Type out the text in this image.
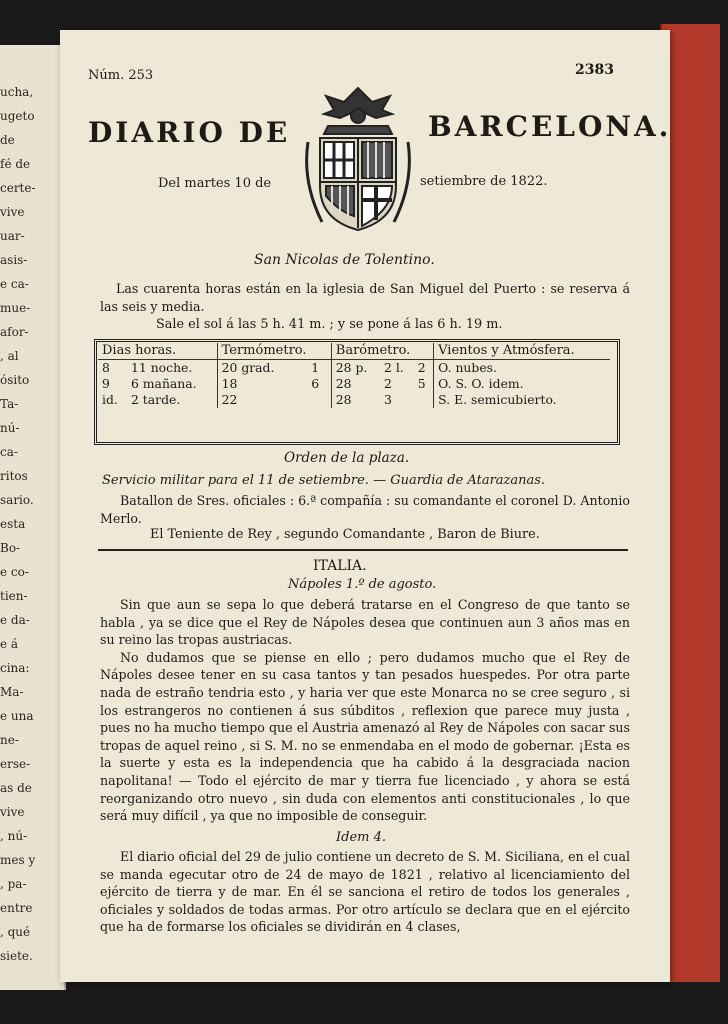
ucha,
ugeto
de
fé de
certe-
vive
uar-
asis-
e ca-
mue-
afor-
, al
ósito
Ta-
nú-
ca-
ritos
sario.
esta
Bo-
e co-
tien-
e da-
e á
cina:
Ma-
e una
ne-
erse-
as de
vive
, nú-
mes y
, pa-
entre
, qué
siete.
Núm. 253	2383
DIARIO DE	BARCELONA.
Del martes 10 de	setiembre de 1822.
San Nicolas de Tolentino.

Las cuarenta horas están en la iglesia de San Miguel del Puerto : se reserva á las seis y media.

Sale el sol á las 5 h. 41 m. ; y se pone á las 6 h. 19 m.
Dias horas.		Termómetro.		Barómetro.			Vientos y Atmósfera.
8	11 noche.	20 grad.	1	28 p.	2 l.	2	O. nubes.
9	6 mañana.	18	6	28	2	5	O. S. O. idem.
id.	2 tarde.	22		28	3		S. E. semicubierto.
Orden de la plaza.
Servicio militar para el 11 de setiembre. — Guardia de Atarazanas.

Batallon de Sres. oficiales : 6.ª compañía : su comandante el coronel D. Antonio Merlo.

El Teniente de Rey , segundo Comandante , Baron de Biure.
ITALIA.
Nápoles 1.º de agosto.

Sin que aun se sepa lo que deberá tratarse en el Congreso de que tanto se habla , ya se dice que el Rey de Nápoles desea que continuen aun 3 años mas en su reino las tropas austriacas.

No dudamos que se piense en ello ; pero dudamos mucho que el Rey de Nápoles desee tener en su casa tantos y tan pesados huespedes. Por otra parte nada de estraño tendria esto , y haria ver que este Monarca no se cree seguro , si los estrangeros no contienen á sus súbditos , reflexion que parece muy justa , pues no ha mucho tiempo que el Austria amenazó al Rey de Nápoles con sacar sus tropas de aquel reino , si S. M. no se enmendaba en el modo de gobernar. ¡Esta es la suerte y esta es la independencia que ha cabido á la desgraciada nacion napolitana! — Todo el ejército de mar y tierra fue licenciado , y ahora se está reorganizando otro nuevo , sin duda con elementos anti constitucionales , lo que será muy difícil , ya que no imposible de conseguir.

Idem 4.

El diario oficial del 29 de julio contiene un decreto de S. M. Siciliana, en el cual se manda egecutar otro de 24 de mayo de 1821 , relativo al licenciamiento del ejército de tierra y de mar. En él se sanciona el retiro de todos los generales , oficiales y soldados de todas armas. Por otro artículo se declara que en el ejército que ha de formarse los oficiales se dividirán en 4 clases,
